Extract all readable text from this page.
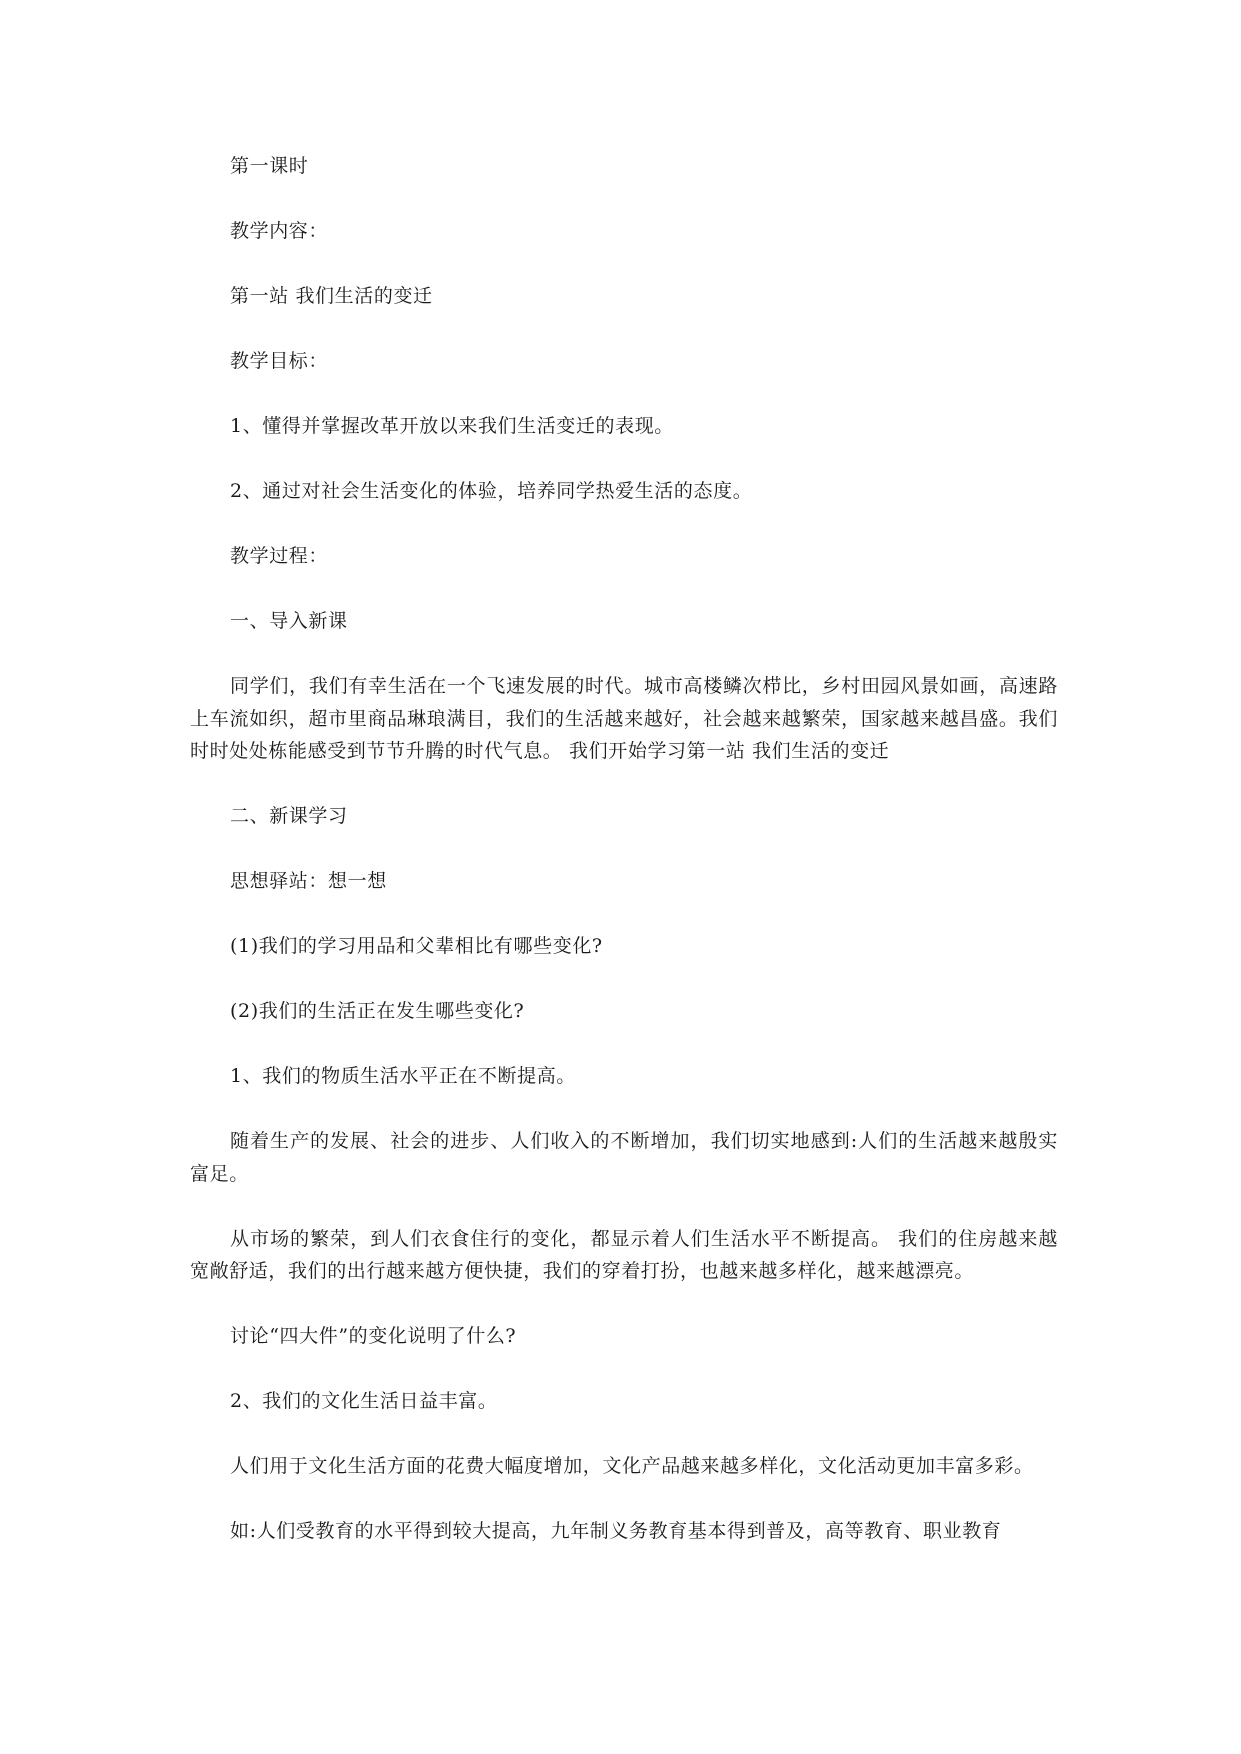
第一课时

教学内容：

第一站 我们生活的变迁

教学目标：

1、懂得并掌握改革开放以来我们生活变迁的表现。

2、通过对社会生活变化的体验，培养同学热爱生活的态度。

教学过程：

一、导入新课

同学们，我们有幸生活在一个飞速发展的时代。城市高楼鳞次栉比，乡村田园风景如画，高速路上车流如织，超市里商品琳琅满目，我们的生活越来越好，社会越来越繁荣，国家越来越昌盛。我们时时处处栋能感受到节节升腾的时代气息。 我们开始学习第一站 我们生活的变迁

二、新课学习

思想驿站：想一想

(1)我们的学习用品和父辈相比有哪些变化?

(2)我们的生活正在发生哪些变化?

1、我们的物质生活水平正在不断提高。

随着生产的发展、社会的进步、人们收入的不断增加，我们切实地感到:人们的生活越来越殷实富足。

从市场的繁荣，到人们衣食住行的变化，都显示着人们生活水平不断提高。 我们的住房越来越宽敞舒适，我们的出行越来越方便快捷，我们的穿着打扮，也越来越多样化，越来越漂亮。

讨论“四大件”的变化说明了什么?

2、我们的文化生活日益丰富。

人们用于文化生活方面的花费大幅度增加，文化产品越来越多样化，文化活动更加丰富多彩。

如:人们受教育的水平得到较大提高，九年制义务教育基本得到普及，高等教育、职业教育
